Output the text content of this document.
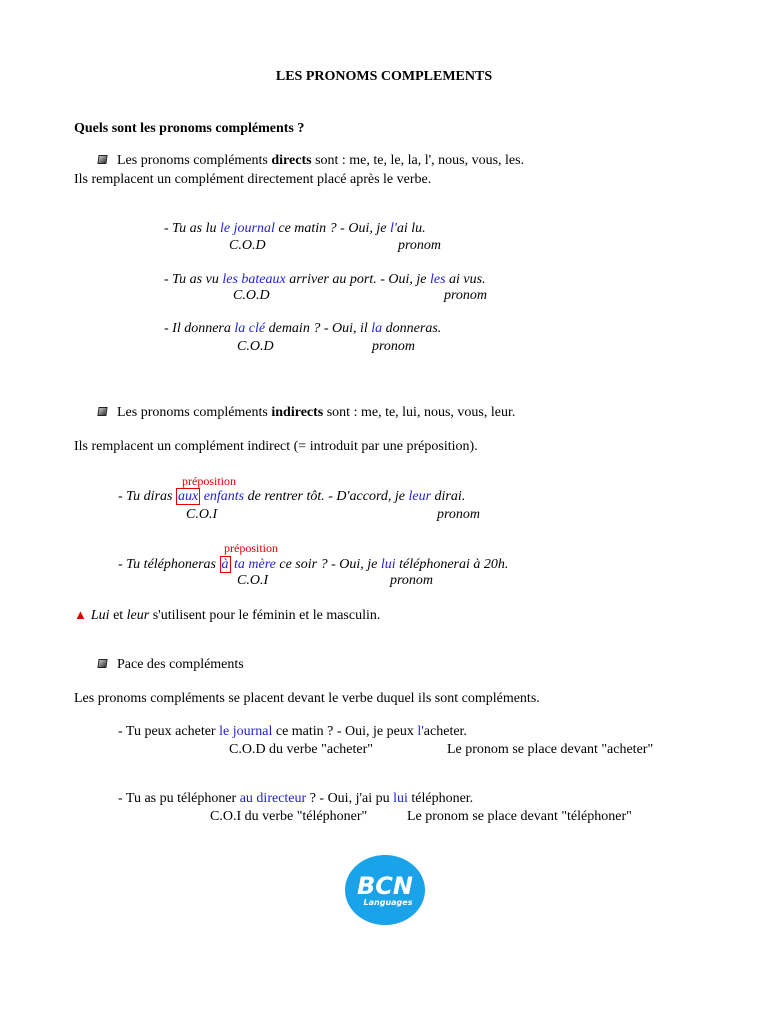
LES PRONOMS COMPLEMENTS
Quels sont les pronoms compléments ?
Les pronoms compléments directs sont : me, te, le, la, l', nous, vous, les.
Ils remplacent un complément directement placé après le verbe.
- Tu as lu le journal ce matin ? - Oui, je l'ai lu.
C.O.D	pronom
- Tu as vu les bateaux arriver au port. - Oui, je les ai vus.
C.O.D	pronom
- Il donnera la clé demain ? - Oui, il la donneras.
C.O.D	pronom
Les pronoms compléments indirects sont : me, te, lui, nous, vous, leur.
Ils remplacent un complément indirect (= introduit par une préposition).
préposition
- Tu diras aux enfants de rentrer tôt. - D'accord, je leur dirai.
C.O.I	pronom
préposition
- Tu téléphoneras à ta mère ce soir ? - Oui, je lui téléphonerai à 20h.
C.O.I	pronom
▲ Lui et leur s'utilisent pour le féminin et le masculin.
Pace des compléments
Les pronoms compléments se placent devant le verbe duquel ils sont compléments.
- Tu peux acheter le journal ce matin ? - Oui, je peux l'acheter.
C.O.D du verbe "acheter"	Le pronom se place devant "acheter"
- Tu as pu téléphoner au directeur ? - Oui, j'ai pu lui téléphoner.
C.O.I du verbe "téléphoner"	Le pronom se place devant "téléphoner"
BCN
Languages
